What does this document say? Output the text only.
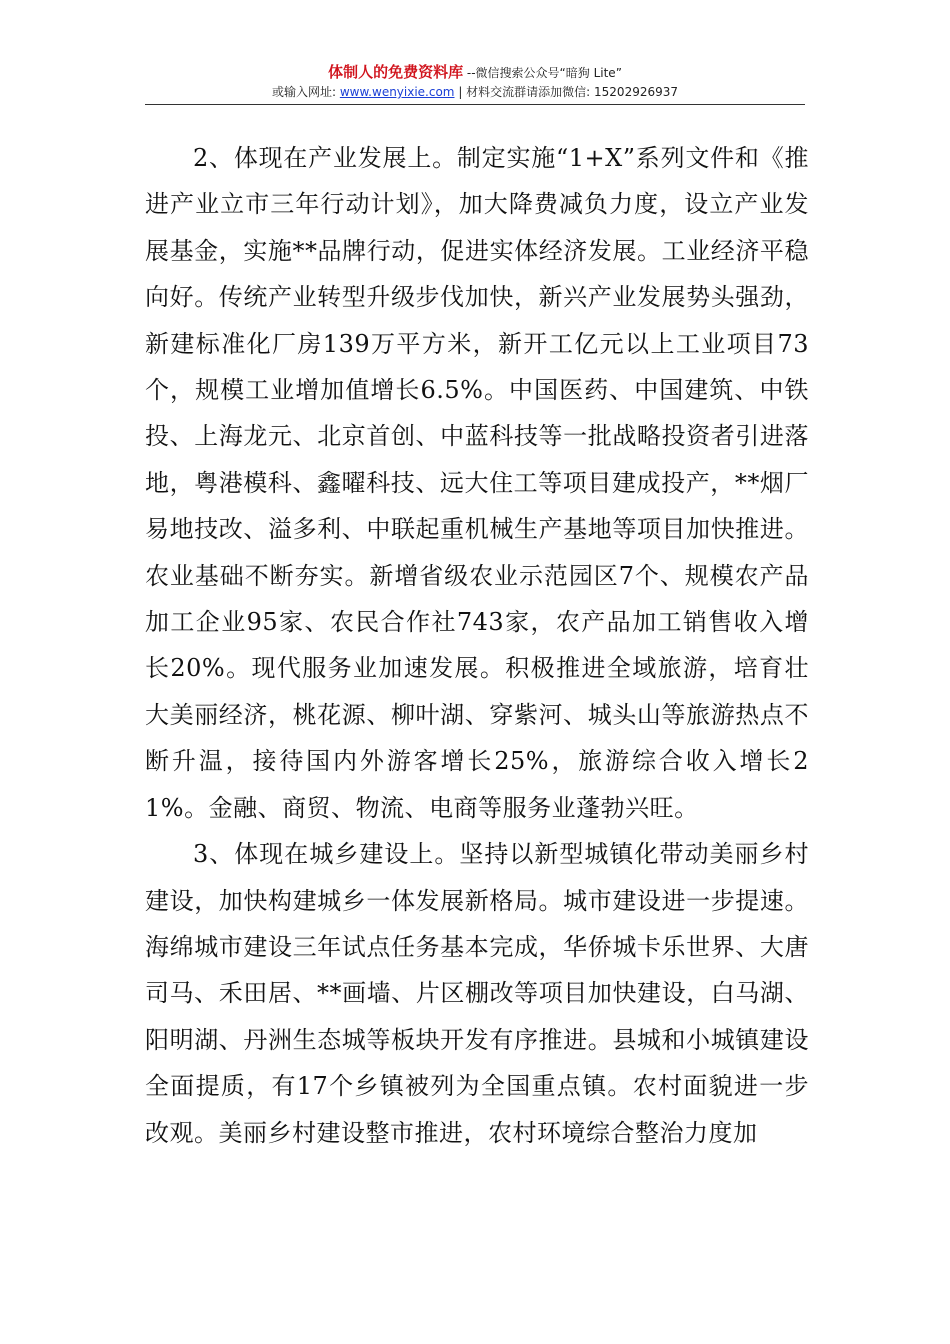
体制人的免费资料库 --微信搜索公众号“暗狗 Lite”
或输入网址: www.wenyixie.com | 材料交流群请添加微信: 15202926937

2、体现在产业发展上。制定实施“1+X”系列文件和《推进产业立市三年行动计划》，加大降费减负力度，设立产业发展基金，实施**品牌行动，促进实体经济发展。工业经济平稳向好。传统产业转型升级步伐加快，新兴产业发展势头强劲，新建标准化厂房139万平方米，新开工亿元以上工业项目73个，规模工业增加值增长6.5%。中国医药、中国建筑、中铁投、上海龙元、北京首创、中蓝科技等一批战略投资者引进落地，粤港模科、鑫曜科技、远大住工等项目建成投产，**烟厂易地技改、溢多利、中联起重机械生产基地等项目加快推进。农业基础不断夯实。新增省级农业示范园区7个、规模农产品加工企业95家、农民合作社743家，农产品加工销售收入增长20%。现代服务业加速发展。积极推进全域旅游，培育壮大美丽经济，桃花源、柳叶湖、穿紫河、城头山等旅游热点不断升温，接待国内外游客增长25%，旅游综合收入增长21%。金融、商贸、物流、电商等服务业蓬勃兴旺。

3、体现在城乡建设上。坚持以新型城镇化带动美丽乡村建设，加快构建城乡一体发展新格局。城市建设进一步提速。海绵城市建设三年试点任务基本完成，华侨城卡乐世界、大唐司马、禾田居、**画墙、片区棚改等项目加快建设，白马湖、阳明湖、丹洲生态城等板块开发有序推进。县城和小城镇建设全面提质，有17个乡镇被列为全国重点镇。农村面貌进一步改观。美丽乡村建设整市推进，农村环境综合整治力度加
